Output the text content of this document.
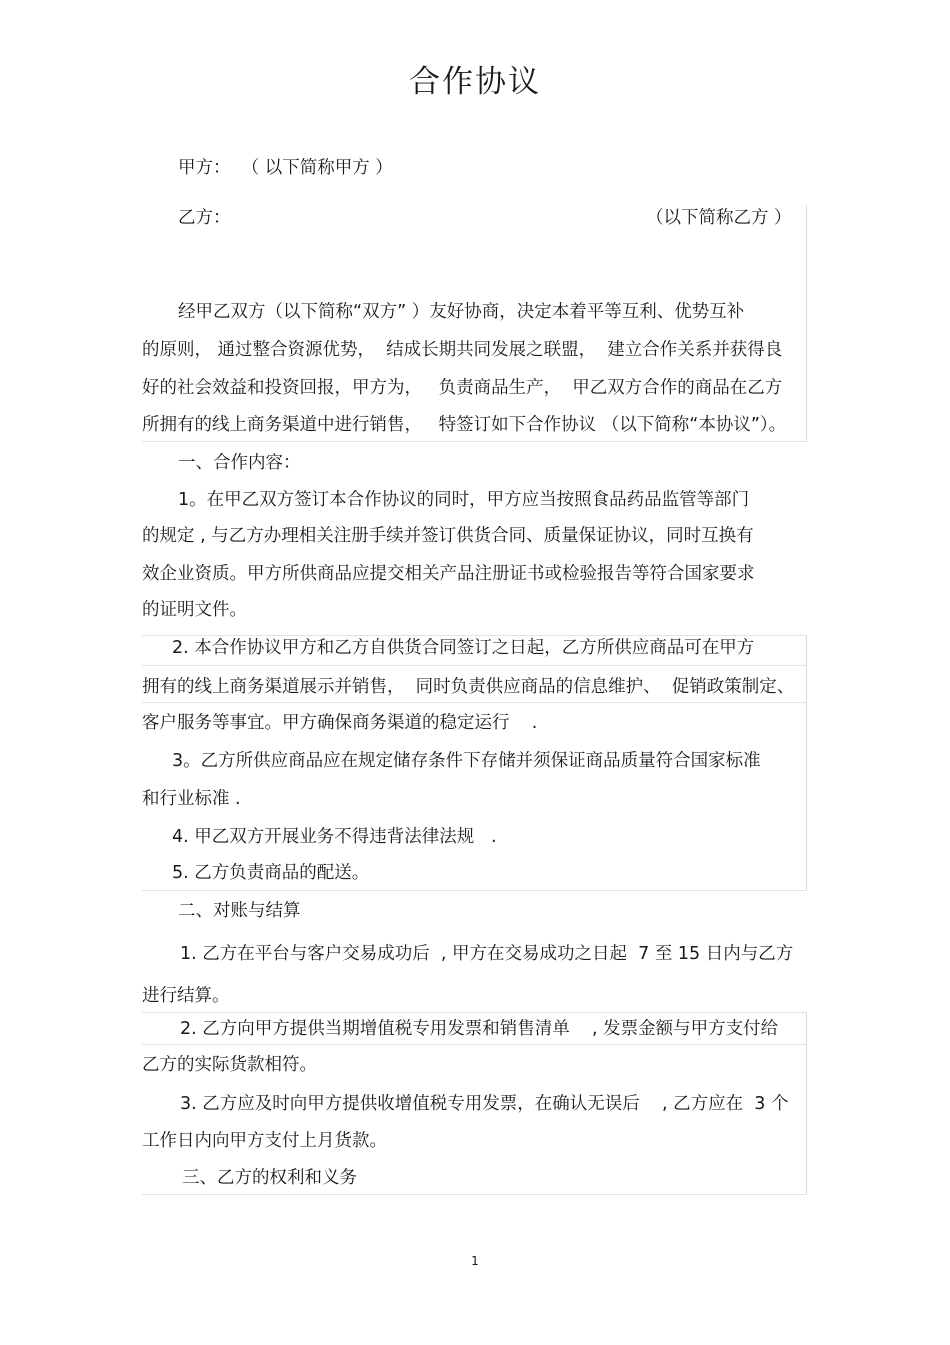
合作协议
甲方：  （ 以下简称甲方 ）
乙方：	（以下简称乙方 ）
经甲乙双方（以下简称“双方” ）友好协商，决定本着平等互利、优势互补
的原则， 通过整合资源优势，  结成长期共同发展之联盟，  建立合作关系并获得良
好的社会效益和投资回报，甲方为，   负责商品生产，  甲乙双方合作的商品在乙方
所拥有的线上商务渠道中进行销售，   特签订如下合作协议 （以下简称“本协议”）。
一、合作内容：
1。在甲乙双方签订本合作协议的同时，甲方应当按照食品药品监管等部门
的规定 , 与乙方办理相关注册手续并签订供货合同、质量保证协议，同时互换有
效企业资质。甲方所供商品应提交相关产品注册证书或检验报告等符合国家要求
的证明文件。
2. 本合作协议甲方和乙方自供货合同签订之日起，乙方所供应商品可在甲方
拥有的线上商务渠道展示并销售，  同时负责供应商品的信息维护、  促销政策制定、
客户服务等事宜。甲方确保商务渠道的稳定运行    .
3。乙方所供应商品应在规定储存条件下存储并须保证商品质量符合国家标准
和行业标准 .
4. 甲乙双方开展业务不得违背法律法规   .
5. 乙方负责商品的配送。
二、对账与结算
1. 乙方在平台与客户交易成功后  , 甲方在交易成功之日起  7 至 15 日内与乙方
进行结算。
2. 乙方向甲方提供当期增值税专用发票和销售清单    , 发票金额与甲方支付给
乙方的实际货款相符。
3. 乙方应及时向甲方提供收增值税专用发票，在确认无误后    , 乙方应在  3 个
工作日内向甲方支付上月货款。
三、乙方的权利和义务
1
